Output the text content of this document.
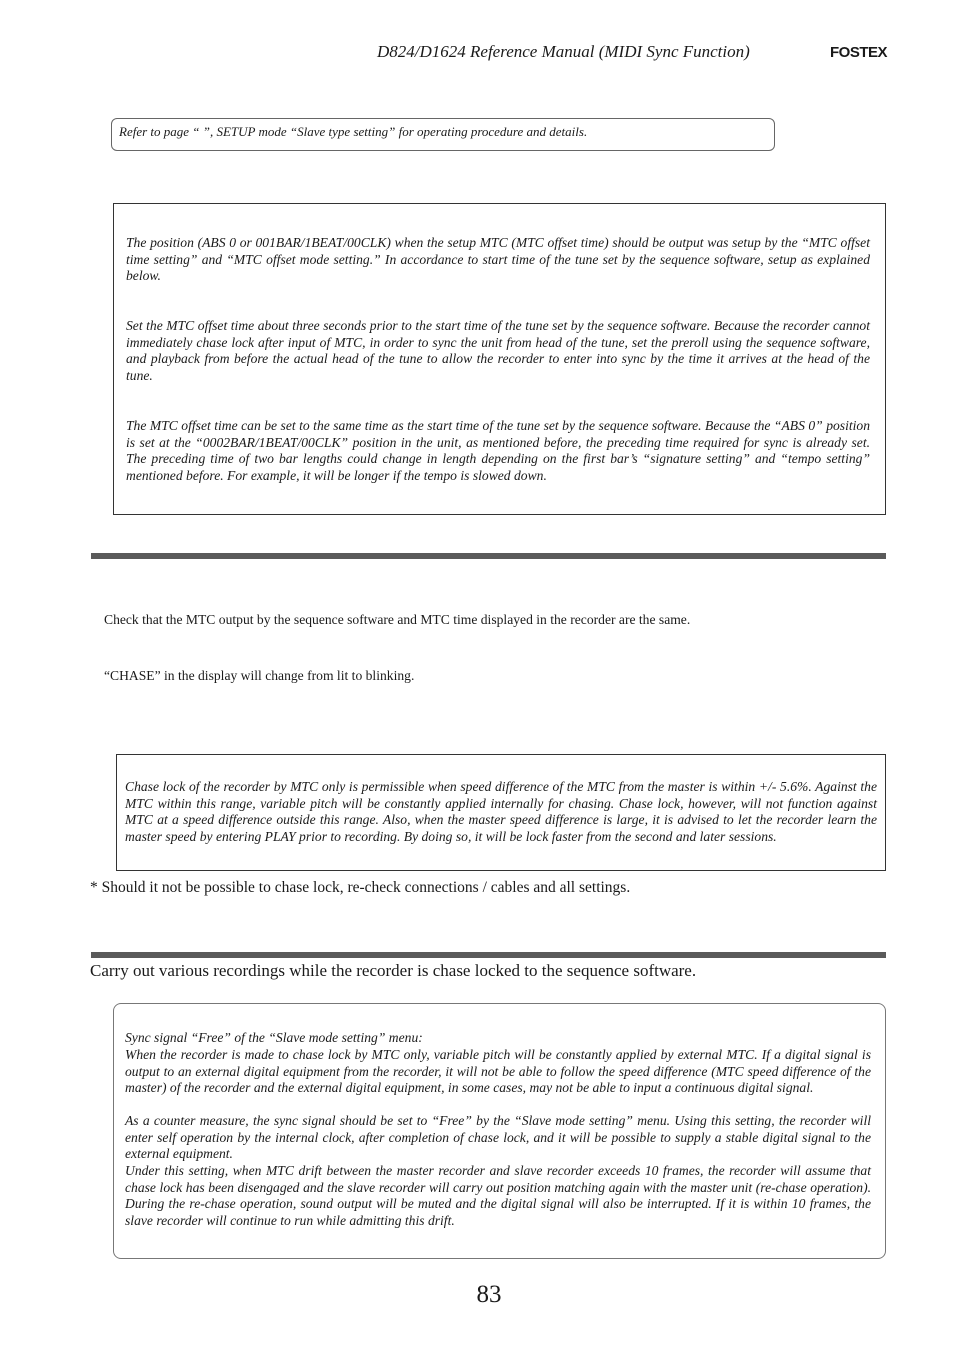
D824/D1624 Reference Manual (MIDI Sync Function)	FOSTEX
Refer to page “ ”, SETUP mode “Slave type setting” for operating procedure and details.
The position (ABS 0 or 001BAR/1BEAT/00CLK) when the setup MTC (MTC offset time) should be output was setup by the “MTC offset time setting” and “MTC offset mode setting.” In accordance to start time of the tune set by the sequence software, setup as explained below.
Set the MTC offset time about three seconds prior to the start time of the tune set by the sequence software. Because the recorder cannot immediately chase lock after input of MTC, in order to sync the unit from head of the tune, set the preroll using the sequence software, and playback from before the actual head of the tune to allow the recorder to enter into sync by the time it arrives at the head of the tune.
The MTC offset time can be set to the same time as the start time of the tune set by the sequence software. Because the “ABS 0” position is set at the “0002BAR/1BEAT/00CLK” position in the unit, as mentioned before, the preceding time required for sync is already set. The preceding time of two bar lengths could change in length depending on the first bar’s “signature setting” and “tempo setting” mentioned before. For example, it will be longer if the tempo is slowed down.
Check that the MTC output by the sequence software and MTC time displayed in the recorder are the same.
“CHASE” in the display will change from lit to blinking.
Chase lock of the recorder by MTC only is permissible when speed difference of the MTC from the master is within +/- 5.6%. Against the MTC within this range, variable pitch will be constantly applied internally for chasing. Chase lock, however, will not function against MTC at a speed difference outside this range. Also, when the master speed difference is large, it is advised to let the recorder learn the master speed by entering PLAY prior to recording. By doing so, it will be lock faster from the second and later sessions.
* Should it not be possible to chase lock, re-check connections / cables and all settings.
Carry out various recordings while the recorder is chase locked to the sequence software.
Sync signal “Free” of the “Slave mode setting” menu:
When the recorder is made to chase lock by MTC only, variable pitch will be constantly applied by external MTC. If a digital signal is output to an external digital equipment from the recorder, it will not be able to follow the speed difference (MTC speed difference of the master) of the recorder and the external digital equipment, in some cases, may not be able to input a continuous digital signal.
As a counter measure, the sync signal should be set to “Free” by the “Slave mode setting” menu. Using this setting, the recorder will enter self operation by the internal clock, after completion of chase lock, and it will be possible to supply a stable digital signal to the external equipment.
Under this setting, when MTC drift between the master recorder and slave recorder exceeds 10 frames, the recorder will assume that chase lock has been disengaged and the slave recorder will carry out position matching again with the master unit (re-chase operation). During the re-chase operation, sound output will be muted and the digital signal will also be interrupted. If it is within 10 frames, the slave recorder will continue to run while admitting this drift.
83
